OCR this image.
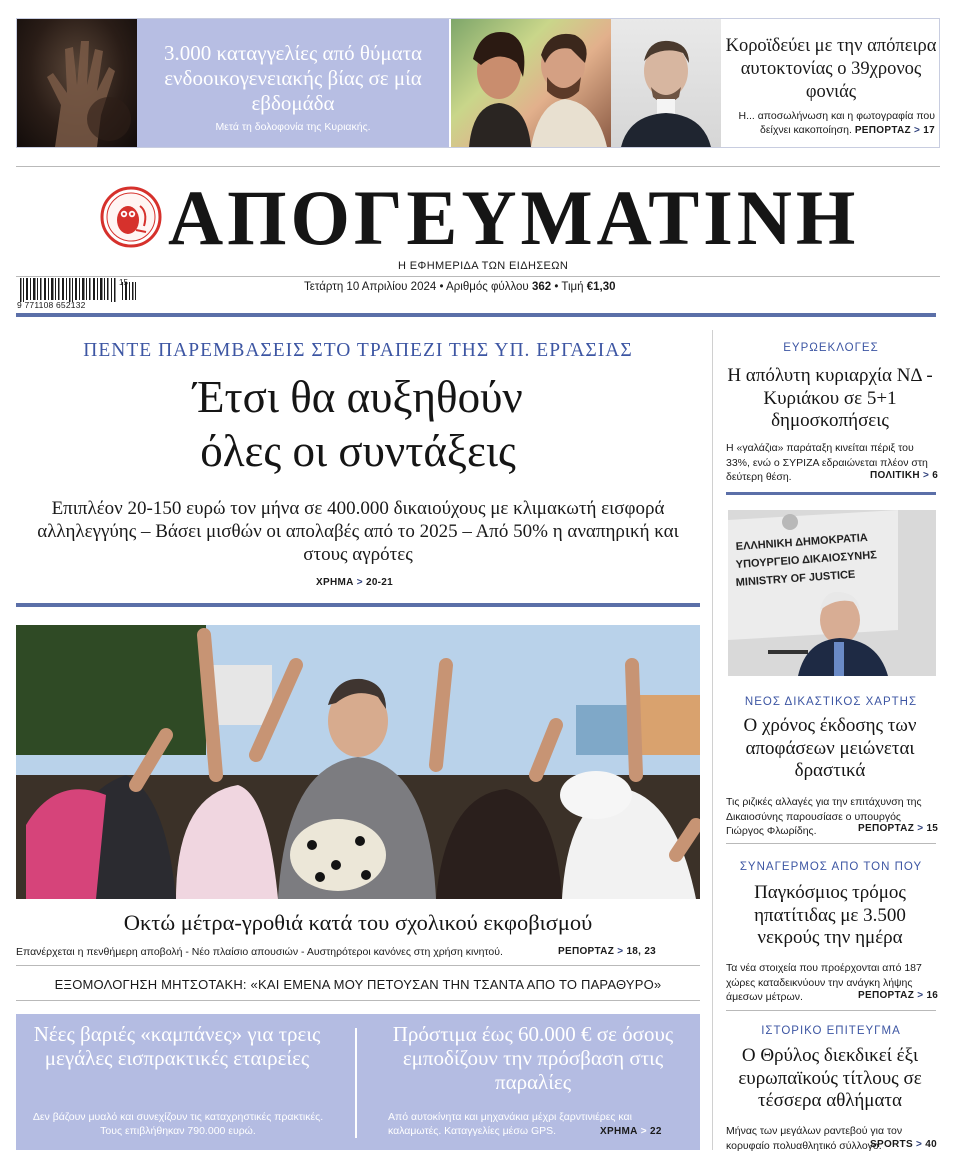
3.000 καταγγελίες από θύματα ενδοοικογενειακής βίας σε μία εβδομάδα
Μετά τη δολοφονία της Κυριακής.
Κοροϊδεύει με την απόπειρα αυτοκτονίας ο 39χρονος φονιάς
Η... αποσωλήνωση και η φωτογραφία που δείχνει κακοποίηση. ΡΕΠΟΡΤΑΖ > 17
ΑΠΟΓΕΥΜΑΤΙΝΗ
Η ΕΦΗΜΕΡΙΔΑ ΤΩΝ ΕΙΔΗΣΕΩΝ
9 771108 652132
15	Τετάρτη 10 Απριλίου 2024 • Αριθμός φύλλου 362 • Τιμή €1,30
ΠΕΝΤΕ ΠΑΡΕΜΒΑΣΕΙΣ ΣΤΟ ΤΡΑΠΕΖΙ ΤΗΣ ΥΠ. ΕΡΓΑΣΙΑΣ
Έτσι θα αυξηθούν
όλες οι συντάξεις
Επιπλέον 20-150 ευρώ τον μήνα σε 400.000 δικαιούχους με κλιμακωτή εισφορά αλληλεγγύης – Βάσει μισθών οι απολαβές από το 2025 – Από 50% η αναπηρική και στους αγρότες
ΧΡΗΜΑ > 20-21
Οκτώ μέτρα-γροθιά κατά του σχολικού εκφοβισμού
Επανέρχεται η πενθήμερη αποβολή - Νέο πλαίσιο απουσιών - Αυστηρότεροι κανόνες στη χρήση κινητού.	ΡΕΠΟΡΤΑΖ > 18, 23
ΕΞΟΜΟΛΟΓΗΣΗ ΜΗΤΣΟΤΑΚΗ: «ΚΑΙ ΕΜΕΝΑ ΜΟΥ ΠΕΤΟΥΣΑΝ ΤΗΝ ΤΣΑΝΤΑ ΑΠΟ ΤΟ ΠΑΡΑΘΥΡΟ»
Νέες βαριές «καμπάνες» για τρεις μεγάλες εισπρακτικές εταιρείες
Δεν βάζουν μυαλό και συνεχίζουν τις καταχρηστικές πρακτικές. Τους επιβλήθηκαν 790.000 ευρώ.
Πρόστιμα έως 60.000 € σε όσους εμποδίζουν την πρόσβαση στις παραλίες
Από αυτοκίνητα και μηχανάκια μέχρι ξαρντινιέρες και καλαμωτές. Καταγγελίες μέσω GPS.	ΧΡΗΜΑ > 22
ΕΥΡΩΕΚΛΟΓΕΣ
Η απόλυτη κυριαρχία ΝΔ - Κυριάκου σε 5+1 δημοσκοπήσεις
Η «γαλάζια» παράταξη κινείται πέριξ του 33%, ενώ ο ΣΥΡΙΖΑ εδραιώνεται πλέον στη δεύτερη θέση.	ΠΟΛΙΤΙΚΗ > 6
ΕΛΛΗΝΙΚΗ ΔΗΜΟΚΡΑΤΙΑ
ΥΠΟΥΡΓΕΙΟ ΔΙΚΑΙΟΣΥΝΗΣ
MINISTRY OF JUSTICE
ΝΕΟΣ ΔΙΚΑΣΤΙΚΟΣ ΧΑΡΤΗΣ
Ο χρόνος έκδοσης των αποφάσεων μειώνεται δραστικά
Τις ριζικές αλλαγές για την επιτάχυνση της Δικαιοσύνης παρουσίασε ο υπουργός Γιώργος Φλωρίδης.	ΡΕΠΟΡΤΑΖ > 15
ΣΥΝΑΓΕΡΜΟΣ ΑΠΟ ΤΟΝ ΠΟΥ
Παγκόσμιος τρόμος ηπατίτιδας με 3.500 νεκρούς την ημέρα
Τα νέα στοιχεία που προέρχονται από 187 χώρες καταδεικνύουν την ανάγκη λήψης άμεσων μέτρων.	ΡΕΠΟΡΤΑΖ > 16
ΙΣΤΟΡΙΚΟ ΕΠΙΤΕΥΓΜΑ
Ο Θρύλος διεκδικεί έξι ευρωπαϊκούς τίτλους σε τέσσερα αθλήματα
Μήνας των μεγάλων ραντεβού για τον κορυφαίο πολυαθλητικό σύλλογο.
SPORTS > 40
